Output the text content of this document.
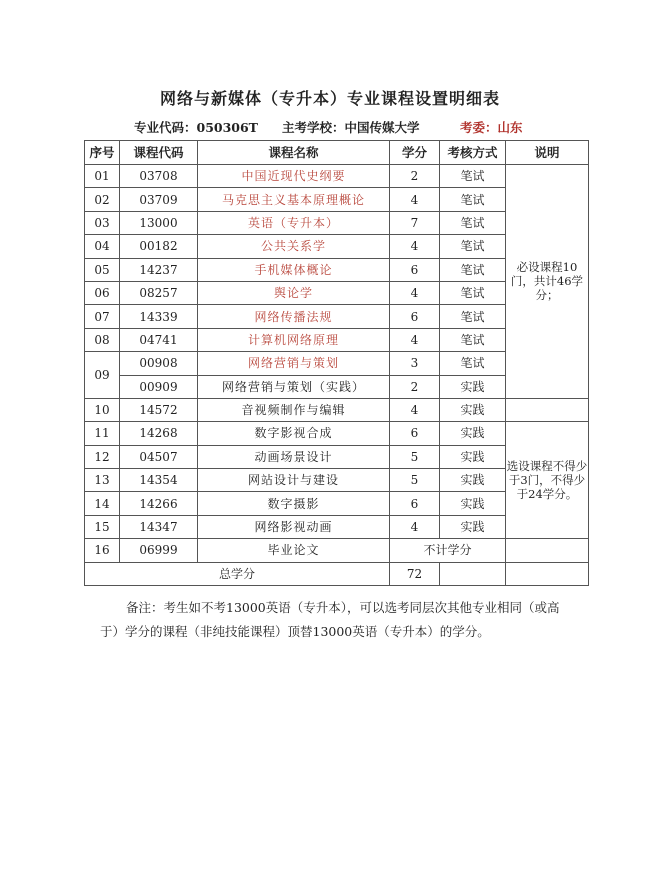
网络与新媒体（专升本）专业课程设置明细表
专业代码：050306T 主考学校：中国传媒大学	考委：山东
序号	课程代码	课程名称	学分	考核方式	说明
01	03708	中国近现代史纲要	2	笔试	必设课程10门，共计46学分；
02	03709	马克思主义基本原理概论	4	笔试	
03	13000	英语（专升本）	7	笔试	
04	00182	公共关系学	4	笔试	
05	14237	手机媒体概论	6	笔试	
06	08257	舆论学	4	笔试	
07	14339	网络传播法规	6	笔试	
08	04741	计算机网络原理	4	笔试	
09	00908	网络营销与策划	3	笔试	
	00909	网络营销与策划（实践）	2	实践	
10	14572	音视频制作与编辑	4	实践	
11	14268	数字影视合成	6	实践	选设课程不得少于3门，不得少于24学分。
12	04507	动画场景设计	5	实践	
13	14354	网站设计与建设	5	实践	
14	14266	数字摄影	6	实践	
15	14347	网络影视动画	4	实践	
16	06999	毕业论文	不计学分		
总学分			72		
备注：考生如不考13000英语（专升本），可以选考同层次其他专业相同（或高于）学分的课程（非纯技能课程）顶替13000英语（专升本）的学分。
